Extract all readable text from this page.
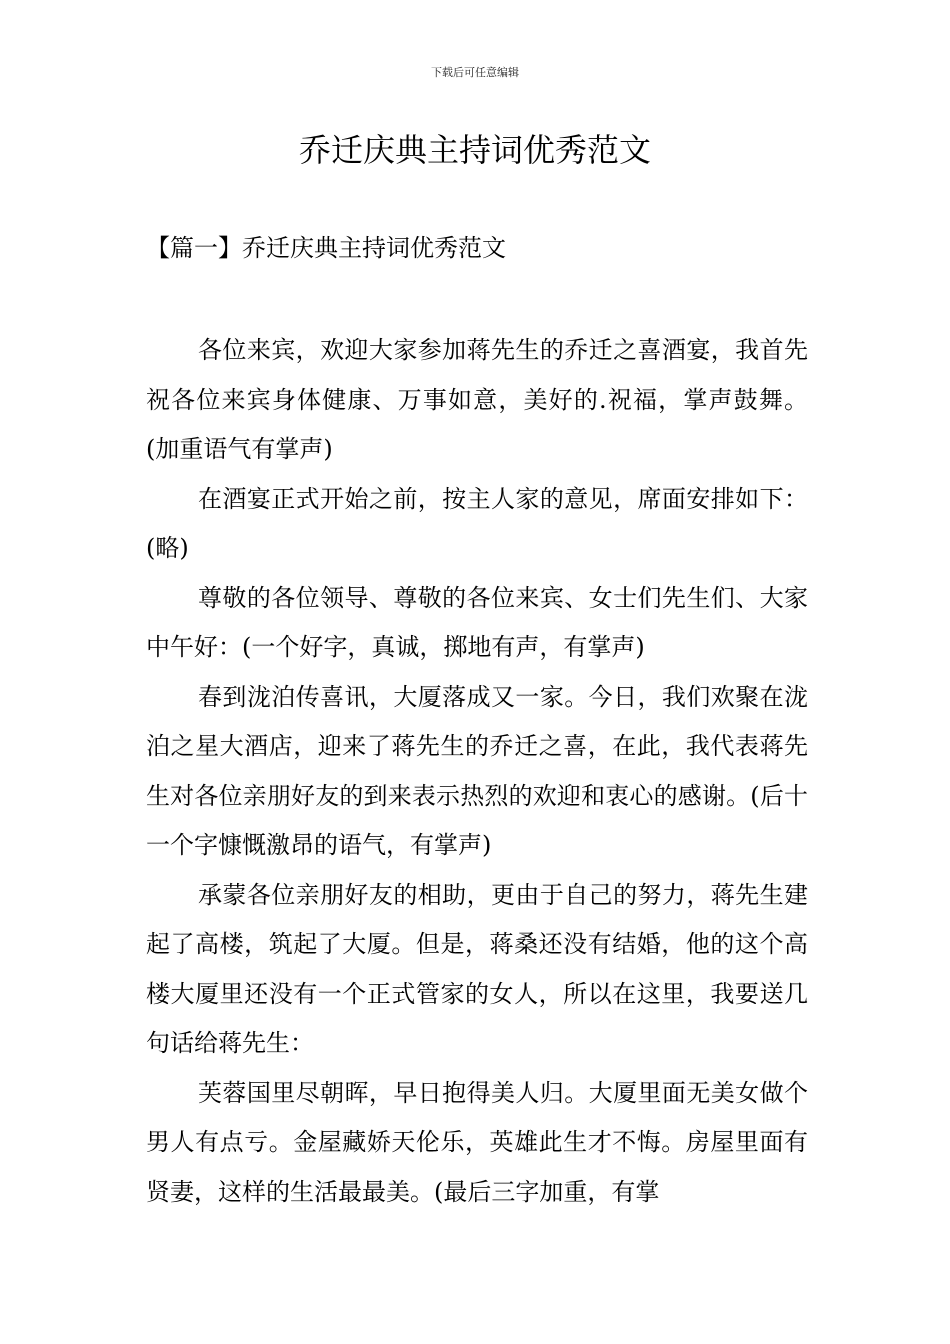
下载后可任意编辑
乔迁庆典主持词优秀范文
【篇一】乔迁庆典主持词优秀范文

各位来宾，欢迎大家参加蒋先生的乔迁之喜酒宴，我首先祝各位来宾身体健康、万事如意，美好的.祝福，掌声鼓舞。(加重语气有掌声)

在酒宴正式开始之前，按主人家的意见，席面安排如下：(略)

尊敬的各位领导、尊敬的各位来宾、女士们先生们、大家中午好：(一个好字，真诚，掷地有声，有掌声)

春到泷泊传喜讯，大厦落成又一家。今日，我们欢聚在泷泊之星大酒店，迎来了蒋先生的乔迁之喜，在此，我代表蒋先生对各位亲朋好友的到来表示热烈的欢迎和衷心的感谢。(后十一个字慷慨激昂的语气，有掌声)

承蒙各位亲朋好友的相助，更由于自己的努力，蒋先生建起了高楼，筑起了大厦。但是，蒋桑还没有结婚，他的这个高楼大厦里还没有一个正式管家的女人，所以在这里，我要送几句话给蒋先生：

芙蓉国里尽朝晖，早日抱得美人归。大厦里面无美女做个男人有点亏。金屋藏娇天伦乐，英雄此生才不悔。房屋里面有贤妻，这样的生活最最美。(最后三字加重，有掌
